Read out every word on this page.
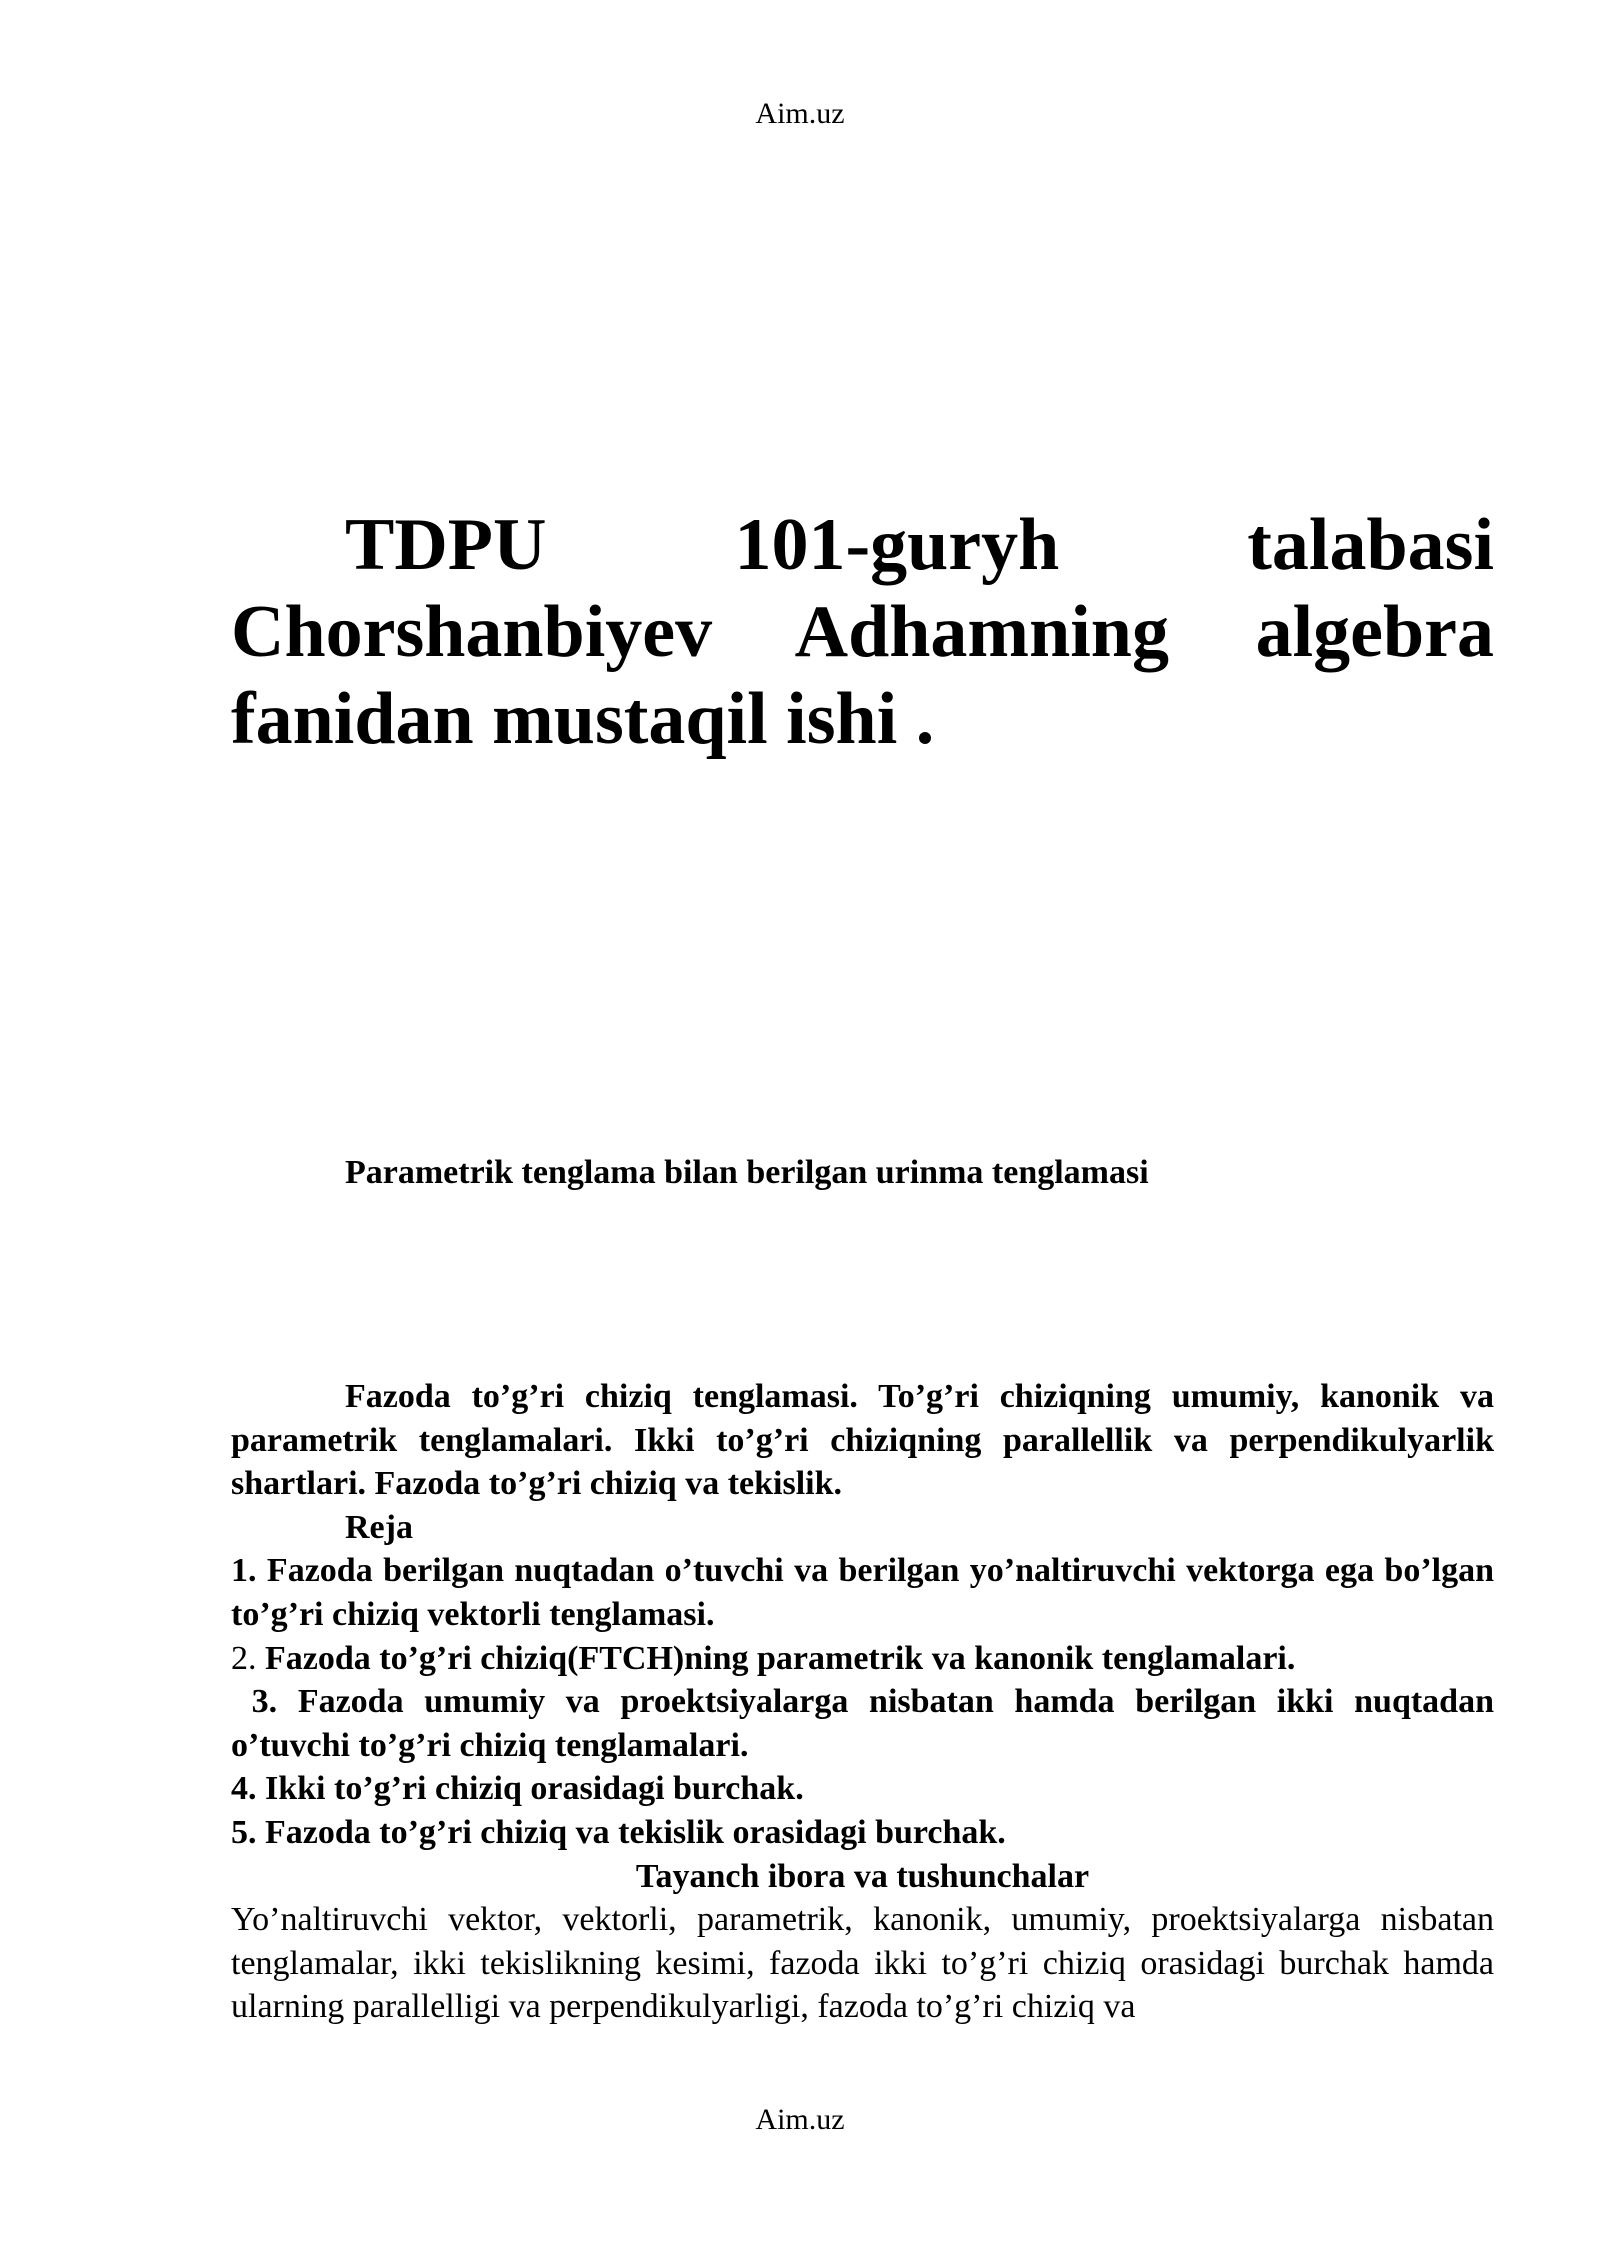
Aim.uz

TDPU 101-guryh talabasi Chorshanbiyev Adhamning algebra fanidan mustaqil ishi .

Parametrik tenglama bilan berilgan urinma tenglamasi

Fazoda to’g’ri chiziq tenglamasi. To’g’ri chiziqning umumiy, kanonik va parametrik tenglamalari. Ikki to’g’ri chiziqning parallellik va perpendikulyarlik shartlari. Fazoda to’g’ri chiziq va tekislik.

Reja

1. Fazoda berilgan nuqtadan o’tuvchi va berilgan yo’naltiruvchi vektorga ega bo’lgan to’g’ri chiziq vektorli tenglamasi.

2. Fazoda to’g’ri chiziq(FTCH)ning parametrik va kanonik tenglamalari.

3. Fazoda umumiy va proektsiyalarga nisbatan hamda berilgan ikki nuqtadan o’tuvchi to’g’ri chiziq tenglamalari.

4. Ikki to’g’ri chiziq orasidagi burchak.

5. Fazoda to’g’ri chiziq va tekislik orasidagi burchak.

Tayanch ibora va tushunchalar

Yo’naltiruvchi vektor, vektorli, parametrik, kanonik, umumiy, proektsiyalarga nisbatan tenglamalar, ikki tekislikning kesimi, fazoda ikki to’g’ri chiziq orasidagi burchak hamda ularning parallelligi va perpendikulyarligi, fazoda to’g’ri chiziq va

Aim.uz
